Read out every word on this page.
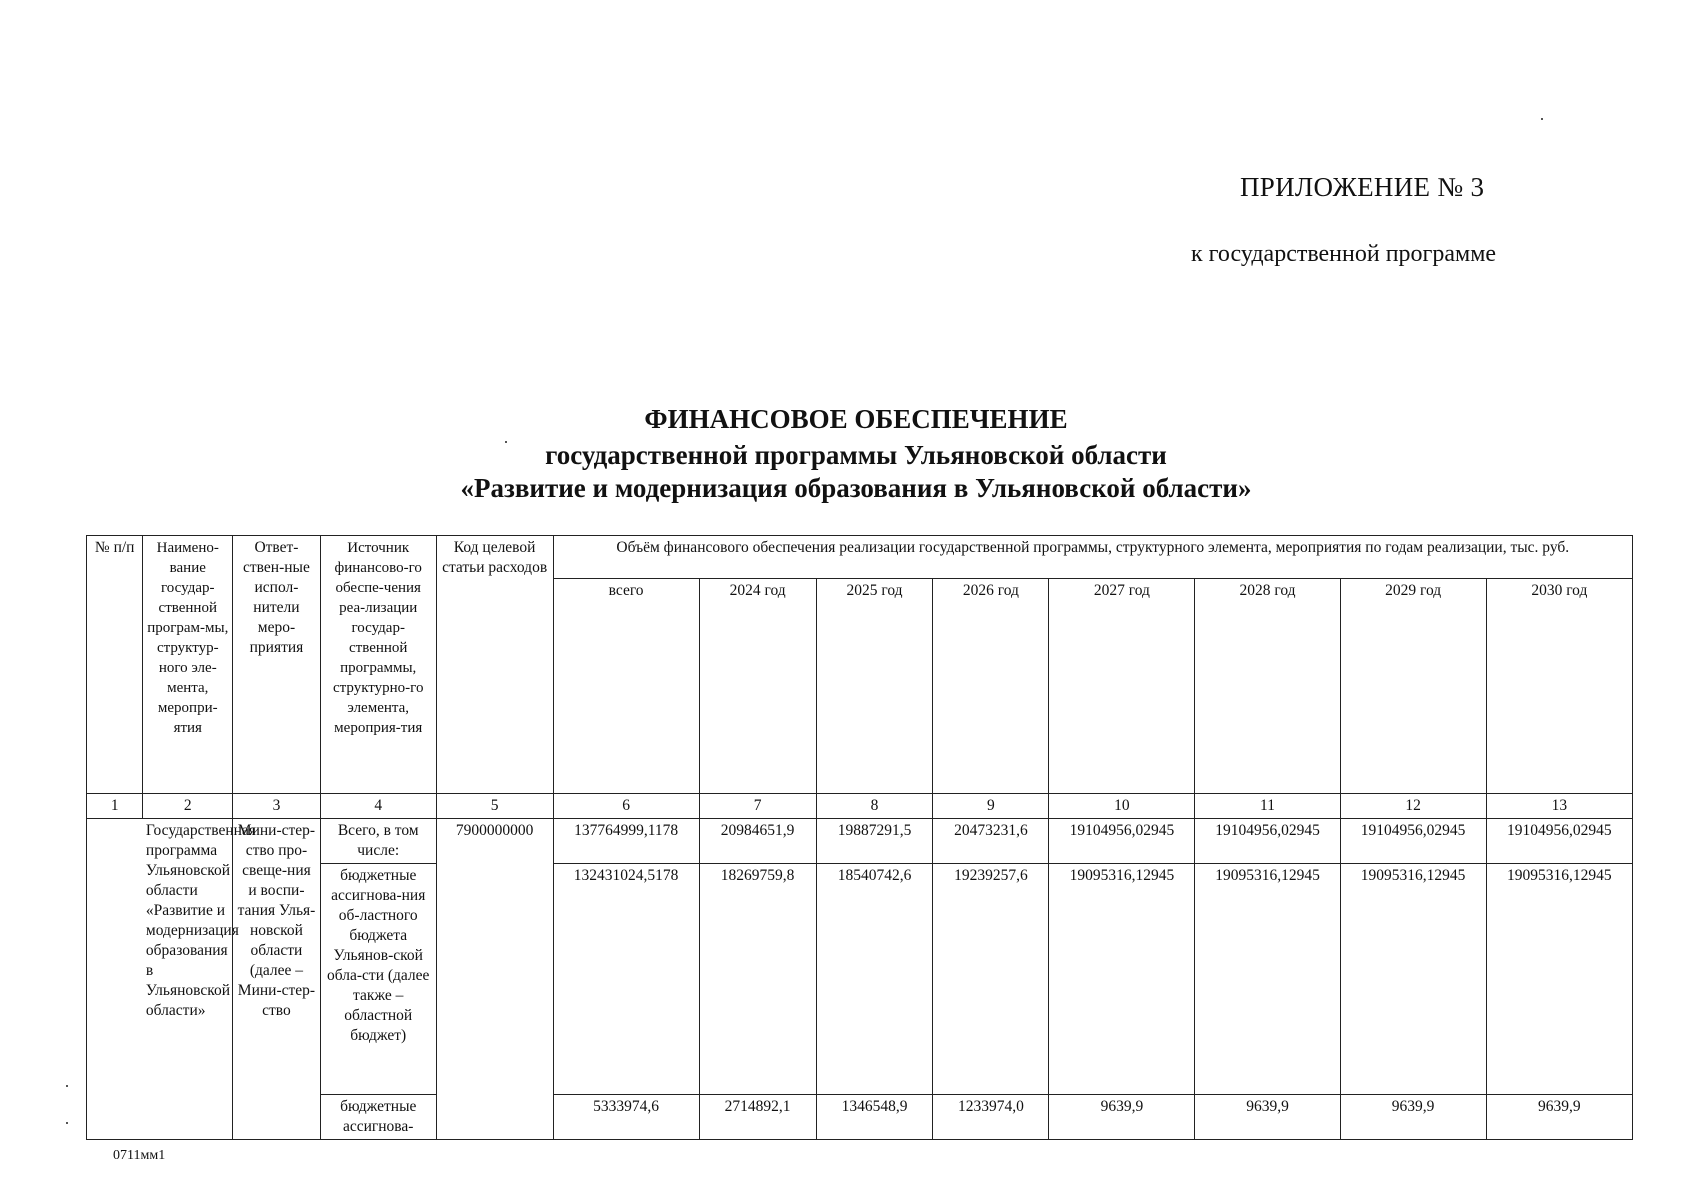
ПРИЛОЖЕНИЕ № 3
к государственной программе
ФИНАНСОВОЕ ОБЕСПЕЧЕНИЕ
государственной программы Ульяновской области
«Развитие и модернизация образования в Ульяновской области»
№ п/п	Наимено-вание государ-ственной програм-мы, структур-ного эле-мента, меропри-ятия	Ответ-ствен-ные испол-нители меро-приятия	Источник финансово-го обеспе-чения реа-лизации государ-ственной программы, структурно-го элемента, мероприя-тия	Код целевой статьи расходов	Объём финансового обеспечения реализации государственной программы, структурного элемента, мероприятия по годам реализации, тыс. руб.							
					всего	2024 год	2025 год	2026 год	2027 год	2028 год	2029 год	2030 год
1	2	3	4	5	6	7	8	9	10	11	12	13
	Государственная программа Ульяновской области «Развитие и модернизация образования в Ульяновской области»	Мини-стер-ство про-свеще-ния и воспи-тания Улья-новской области (далее – Мини-стер-ство	Всего, в том числе:	7900000000	137764999,1178	20984651,9	19887291,5	20473231,6	19104956,02945	19104956,02945	19104956,02945	19104956,02945
			бюджетные ассигнова-ния об-ластного бюджета Ульянов-ской обла-сти (далее также – областной бюджет)		132431024,5178	18269759,8	18540742,6	19239257,6	19095316,12945	19095316,12945	19095316,12945	19095316,12945
			бюджетные ассигнова-		5333974,6	2714892,1	1346548,9	1233974,0	9639,9	9639,9	9639,9	9639,9
0711мм1
